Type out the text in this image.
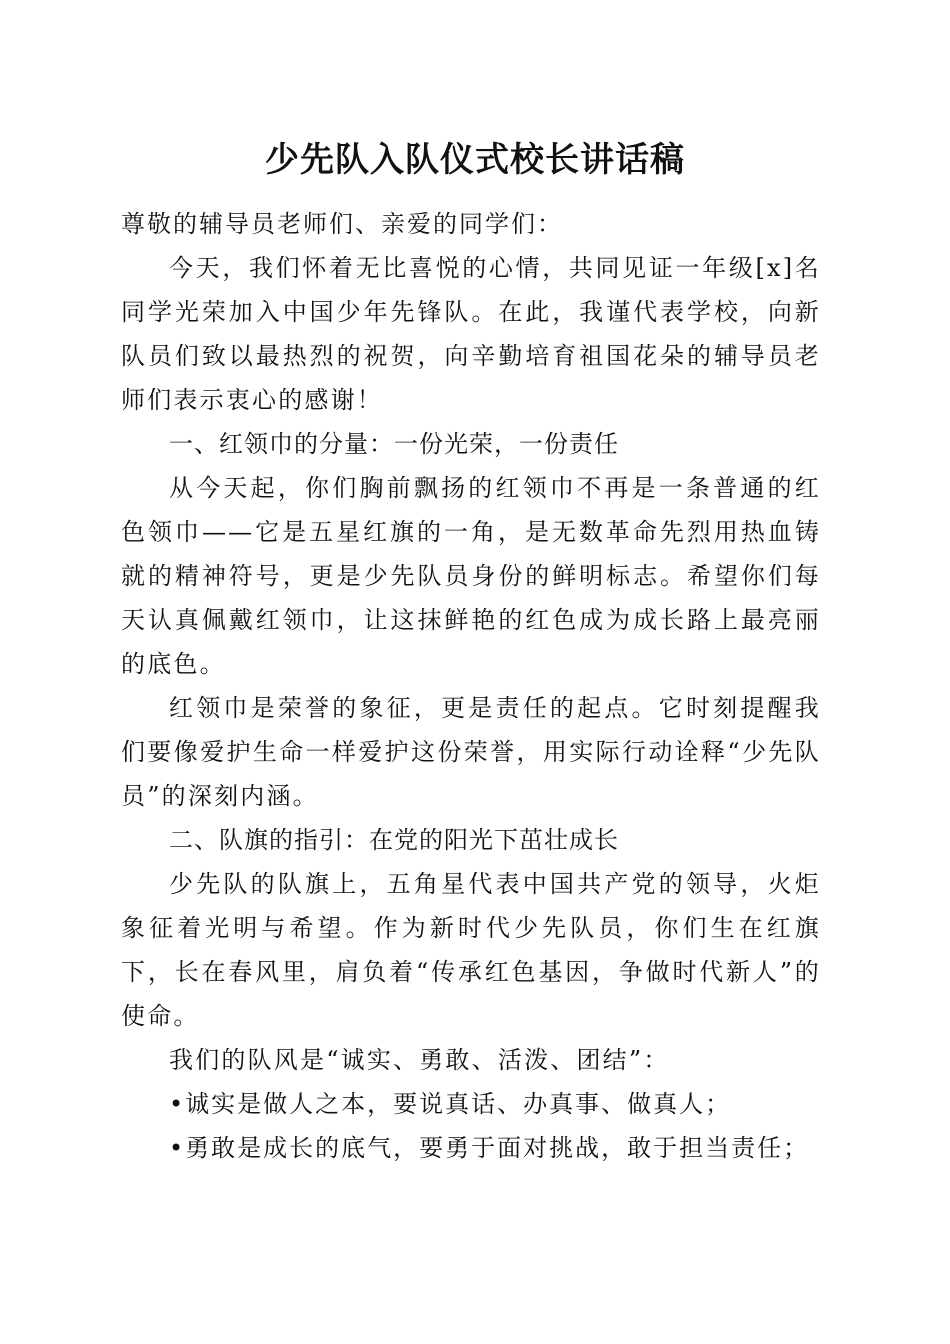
少先队入队仪式校长讲话稿

尊敬的辅导员老师们、亲爱的同学们：

今天，我们怀着无比喜悦的心情，共同见证一年级[x]名同学光荣加入中国少年先锋队。在此，我谨代表学校，向新队员们致以最热烈的祝贺，向辛勤培育祖国花朵的辅导员老师们表示衷心的感谢！

一、红领巾的分量：一份光荣，一份责任

从今天起，你们胸前飘扬的红领巾不再是一条普通的红色领巾——它是五星红旗的一角，是无数革命先烈用热血铸就的精神符号，更是少先队员身份的鲜明标志。希望你们每天认真佩戴红领巾，让这抹鲜艳的红色成为成长路上最亮丽的底色。

红领巾是荣誉的象征，更是责任的起点。它时刻提醒我们要像爱护生命一样爱护这份荣誉，用实际行动诠释“少先队员”的深刻内涵。

二、队旗的指引：在党的阳光下茁壮成长

少先队的队旗上，五角星代表中国共产党的领导，火炬象征着光明与希望。作为新时代少先队员，你们生在红旗下，长在春风里，肩负着“传承红色基因，争做时代新人”的使命。

我们的队风是“诚实、勇敢、活泼、团结”：

•诚实是做人之本，要说真话、办真事、做真人；

•勇敢是成长的底气，要勇于面对挑战，敢于担当责任；
